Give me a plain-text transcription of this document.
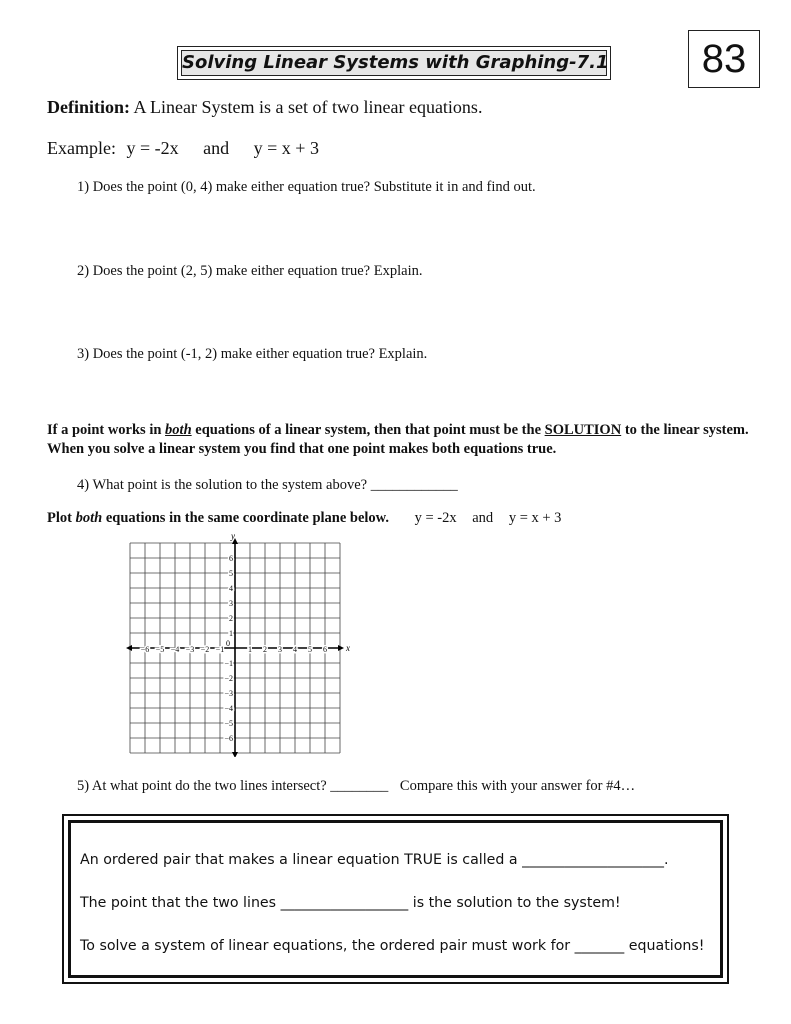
Solving Linear Systems with Graphing-7.1	83
Definition: A Linear System is a set of two linear equations.
Example: y = -2x and y = x + 3
1) Does the point (0, 4) make either equation true? Substitute it in and find out.
2) Does the point (2, 5) make either equation true? Explain.
3) Does the point (-1, 2) make either equation true? Explain.
If a point works in both equations of a linear system, then that point must be the SOLUTION to the linear system. When you solve a linear system you find that one point makes both equations true.
4) What point is the solution to the system above? ____________
Plot both equations in the same coordinate plane below. y = -2x and y = x + 3
−6 −5 −4 −3 −2 −1	1 2 3 4 5 6
6
5
4
3
2
1
−1
−2
−3
−4
−5
−6
x
y
0
5) At what point do the two lines intersect? ________ Compare this with your answer for #4…
An ordered pair that makes a linear equation TRUE is called a ____________________.
The point that the two lines __________________ is the solution to the system!
To solve a system of linear equations, the ordered pair must work for _______ equations!
